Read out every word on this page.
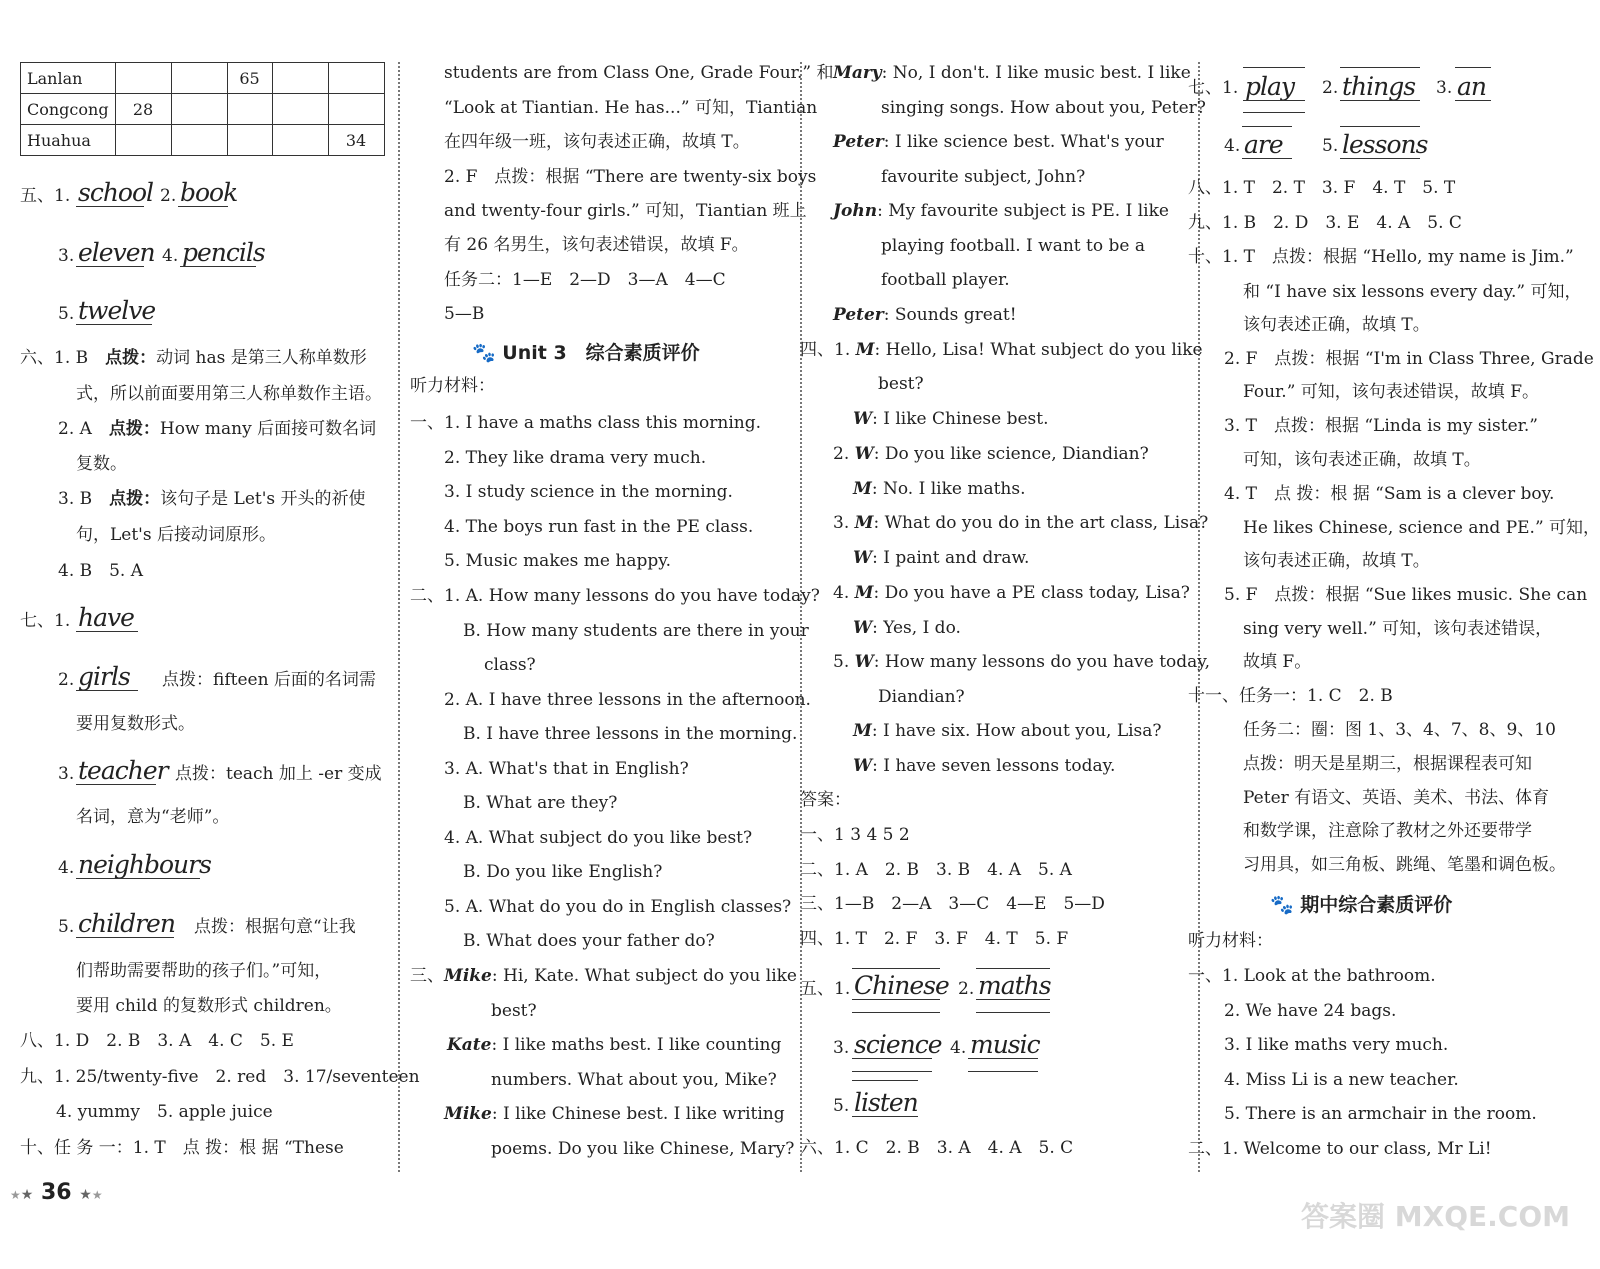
Lanlan			65		
Congcong	28				
Huahua					34
五、1. school 2. book
3. eleven 4. pencils
5. twelve
六、1. B　点拨：动词 has 是第三人称单数形
式，所以前面要用第三人称单数作主语。
2. A　点拨：How many 后面接可数名词
复数。
3. B　点拨：该句子是 Let's 开头的祈使
句，Let's 后接动词原形。
4. B　5. A
七、1. have
2. girls 点拨：fifteen 后面的名词需
要用复数形式。
3. teacher 点拨：teach 加上 -er 变成
名词，意为“老师”。
4. neighbours
5. children 点拨：根据句意“让我
们帮助需要帮助的孩子们。”可知，
要用 child 的复数形式 children。
八、1. D　2. B　3. A　4. C　5. E
九、1. 25/twenty-five　2. red　3. 17/seventeen
4. yummy　5. apple juice
十、任 务 一：1. T　点 拨：根 据 “These
students are from Class One, Grade Four.” 和
“Look at Tiantian. He has...” 可知，Tiantian
在四年级一班，该句表述正确，故填 T。
2. F　点拨：根据 “There are twenty-six boys
and twenty-four girls.” 可知，Tiantian 班上
有 26 名男生，该句表述错误，故填 F。
任务二：1—E　2—D　3—A　4—C
5—B
🐾 Unit 3　综合素质评价
听力材料：
一、1. I have a maths class this morning.
2. They like drama very much.
3. I study science in the morning.
4. The boys run fast in the PE class.
5. Music makes me happy.
二、1. A. How many lessons do you have today?
B. How many students are there in your
class?
2. A. I have three lessons in the afternoon.
B. I have three lessons in the morning.
3. A. What's that in English?
B. What are they?
4. A. What subject do you like best?
B. Do you like English?
5. A. What do you do in English classes?
B. What does your father do?
三、Mike: Hi, Kate. What subject do you like
best?
Kate: I like maths best. I like counting
numbers. What about you, Mike?
Mike: I like Chinese best. I like writing
poems. Do you like Chinese, Mary?
Mary: No, I don't. I like music best. I like
singing songs. How about you, Peter?
Peter: I like science best. What's your
favourite subject, John?
John: My favourite subject is PE. I like
playing football. I want to be a
football player.
Peter: Sounds great!
四、1. M: Hello, Lisa! What subject do you like
best?
W: I like Chinese best.
2. W: Do you like science, Diandian?
M: No. I like maths.
3. M: What do you do in the art class, Lisa?
W: I paint and draw.
4. M: Do you have a PE class today, Lisa?
W: Yes, I do.
5. W: How many lessons do you have today,
Diandian?
M: I have six. How about you, Lisa?
W: I have seven lessons today.
答案：
一、1 3 4 5 2
二、1. A　2. B　3. B　4. A　5. A
三、1—B　2—A　3—C　4—E　5—D
四、1. T　2. F　3. F　4. T　5. F
五、1. Chinese 2. maths
3. science 4. music
5. listen
六、1. C　2. B　3. A　4. A　5. C
七、1. play 2. things 3. an
4. are 5. lessons
八、1. T　2. T　3. F　4. T　5. T
九、1. B　2. D　3. E　4. A　5. C
十、1. T　点拨：根据 “Hello, my name is Jim.”
和 “I have six lessons every day.” 可知，
该句表述正确，故填 T。
2. F　点拨：根据 “I'm in Class Three, Grade
Four.” 可知，该句表述错误，故填 F。
3. T　点拨：根据 “Linda is my sister.”
可知，该句表述正确，故填 T。
4. T　点 拨：根 据 “Sam is a clever boy.
He likes Chinese, science and PE.” 可知，
该句表述正确，故填 T。
5. F　点拨：根据 “Sue likes music. She can
sing very well.” 可知，该句表述错误，
故填 F。
十一、任务一：1. C　2. B
任务二：圈：图 1、3、4、7、8、9、10
点拨：明天是星期三，根据课程表可知
Peter 有语文、英语、美术、书法、体育
和数学课，注意除了教材之外还要带学
习用具，如三角板、跳绳、笔墨和调色板。
🐾 期中综合素质评价
听力材料：
一、1. Look at the bathroom.
2. We have 24 bags.
3. I like maths very much.
4. Miss Li is a new teacher.
5. There is an armchair in the room.
二、1. Welcome to our class, Mr Li!
★★ 36 ★★
答案圈 MXQE.COM
